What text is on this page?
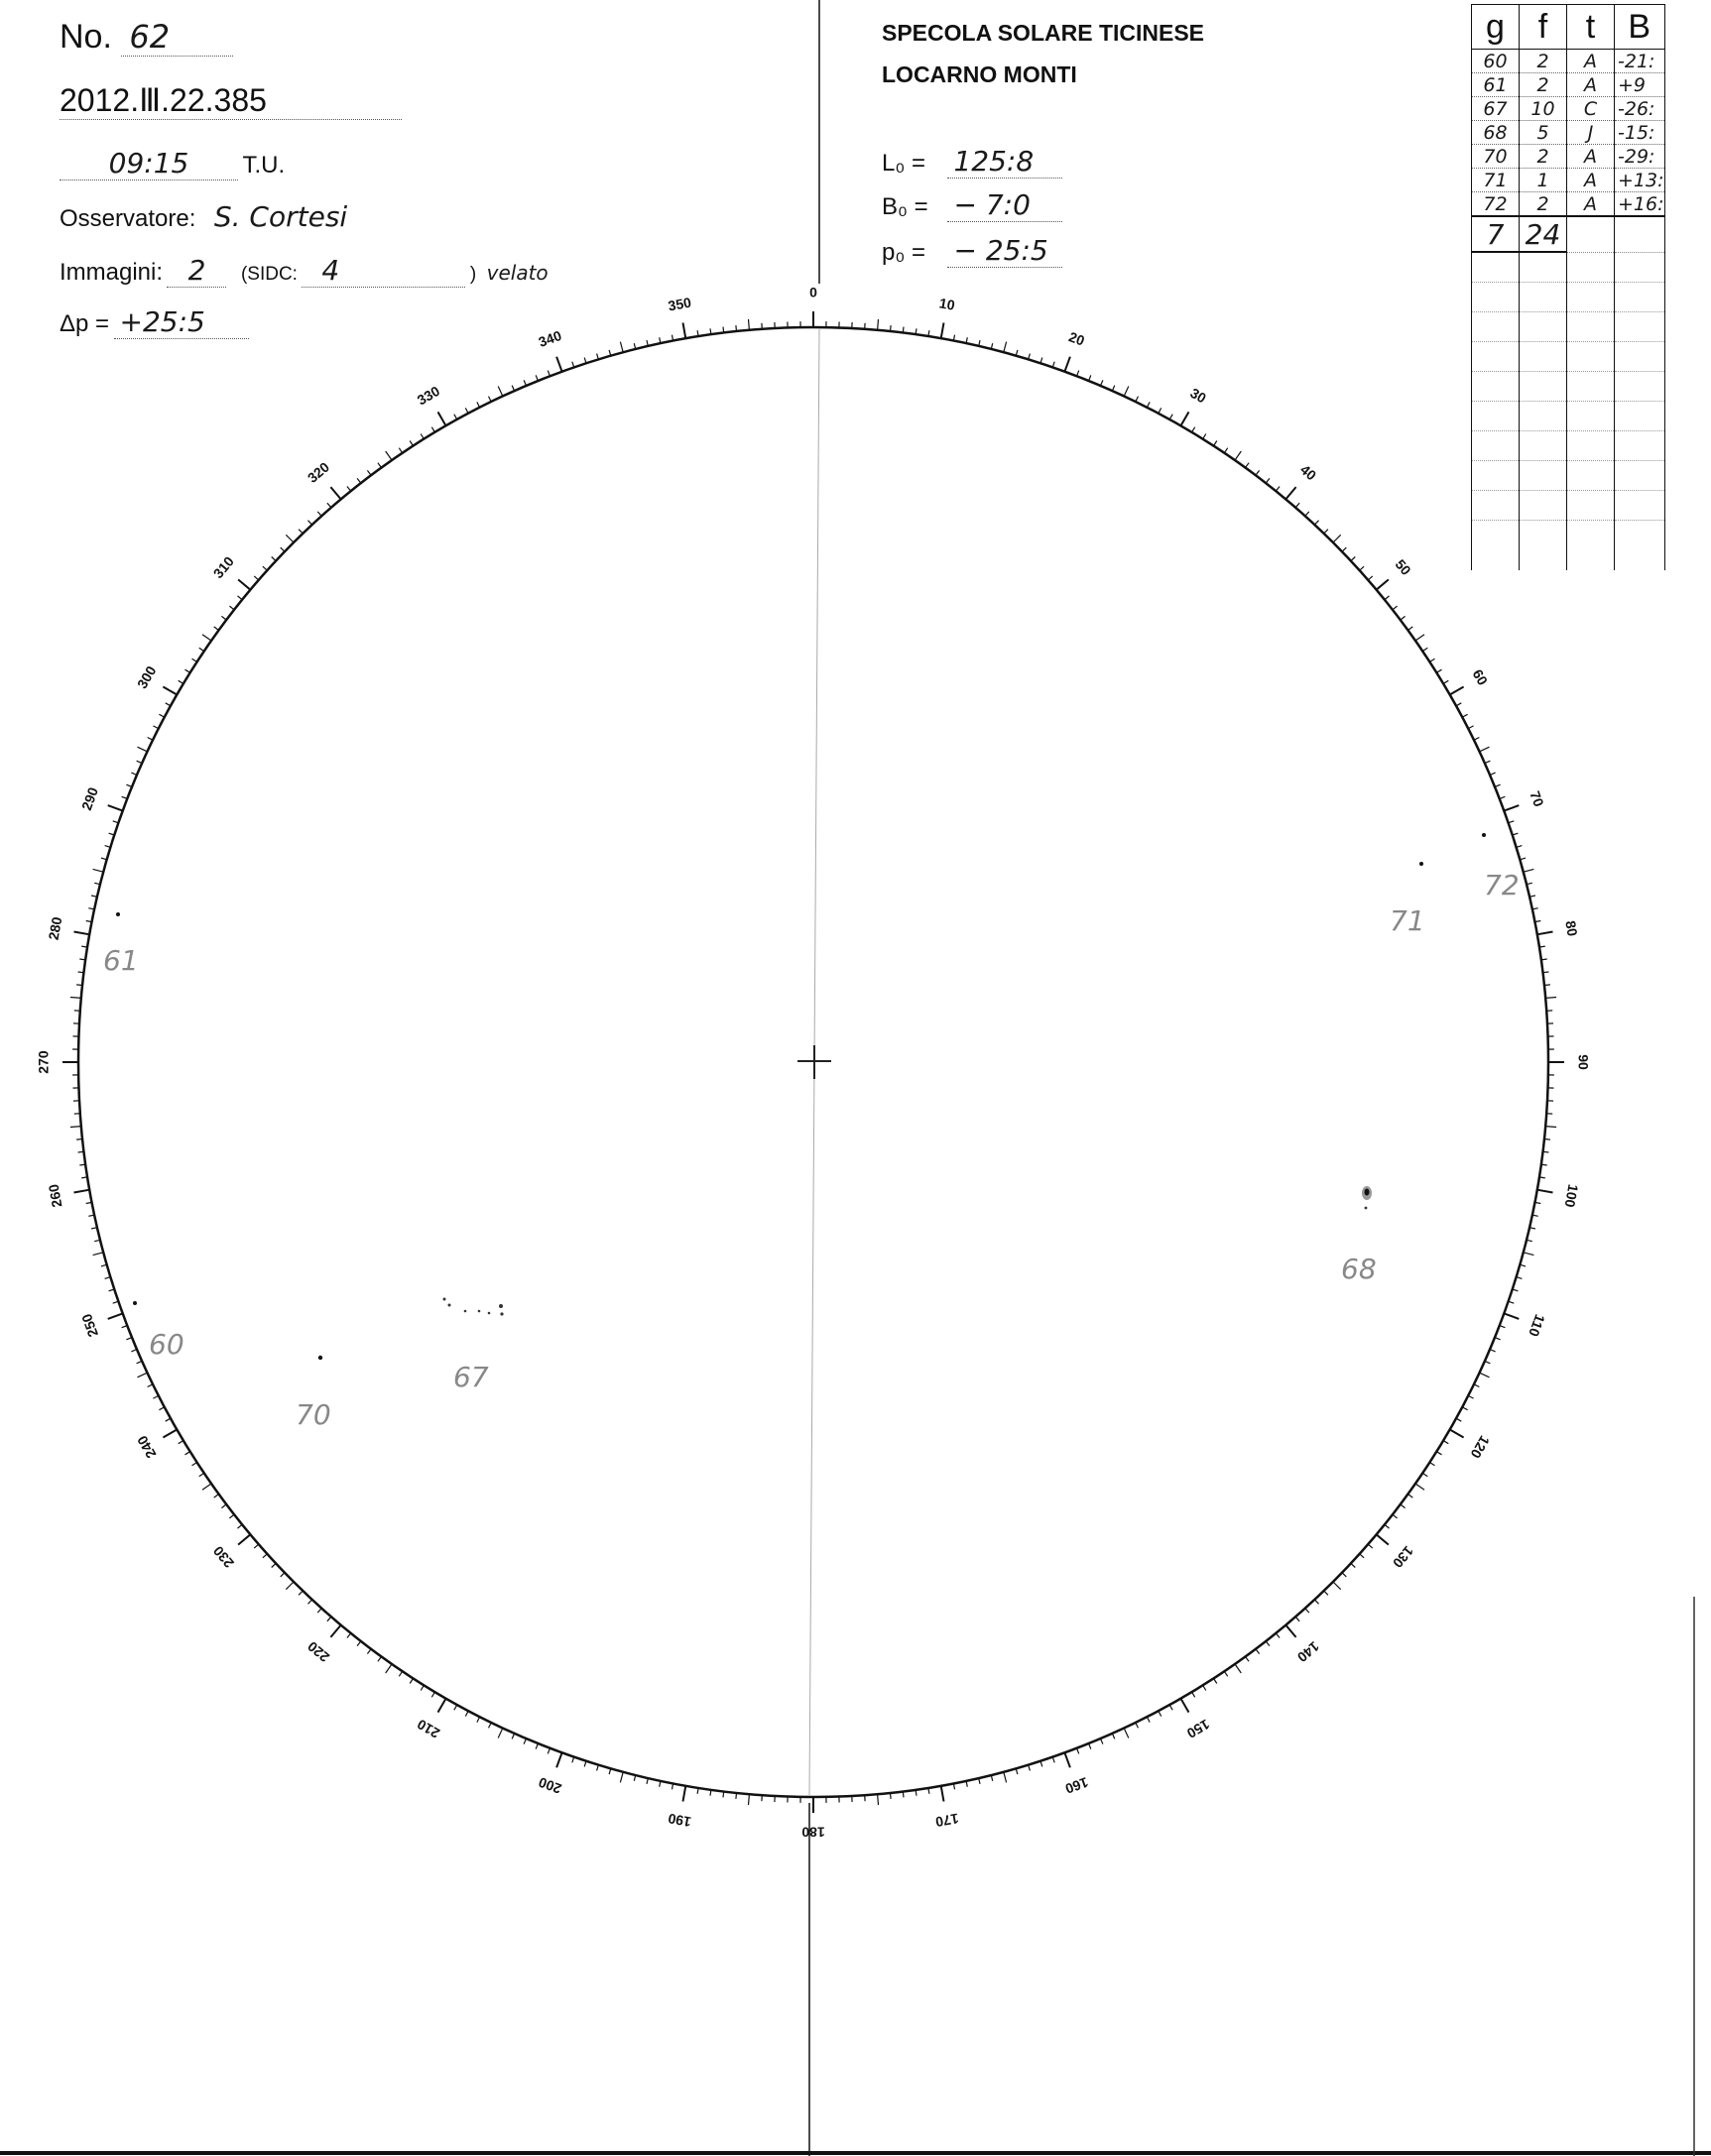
No. 62
2012.Ⅲ.22.385
09:15 T.U.
Osservatore: S. Cortesi
Immagini: 2 (SIDC: 4	) velato
Δp = +25:5
SPECOLA SOLARE TICINESE
LOCARNO MONTI
L₀ = 125:8
B₀ = − 7:0
p₀ = − 25:5
g	f	t	B
60	2	A	-21:
61	2	A	+9
67	10	C	-26:
68	5	J	-15:
70	2	A	-29:
71	1	A	+13:
72	2	A	+16:
7	24		

0
10
20
30
40
50
60
70
80
90
100
110
120
130
140
150
160
170
180
190
200
210
220
230
240
250
260
270
280
290
300
310
320
330
340
350
61
60
70
67
68
71
72
